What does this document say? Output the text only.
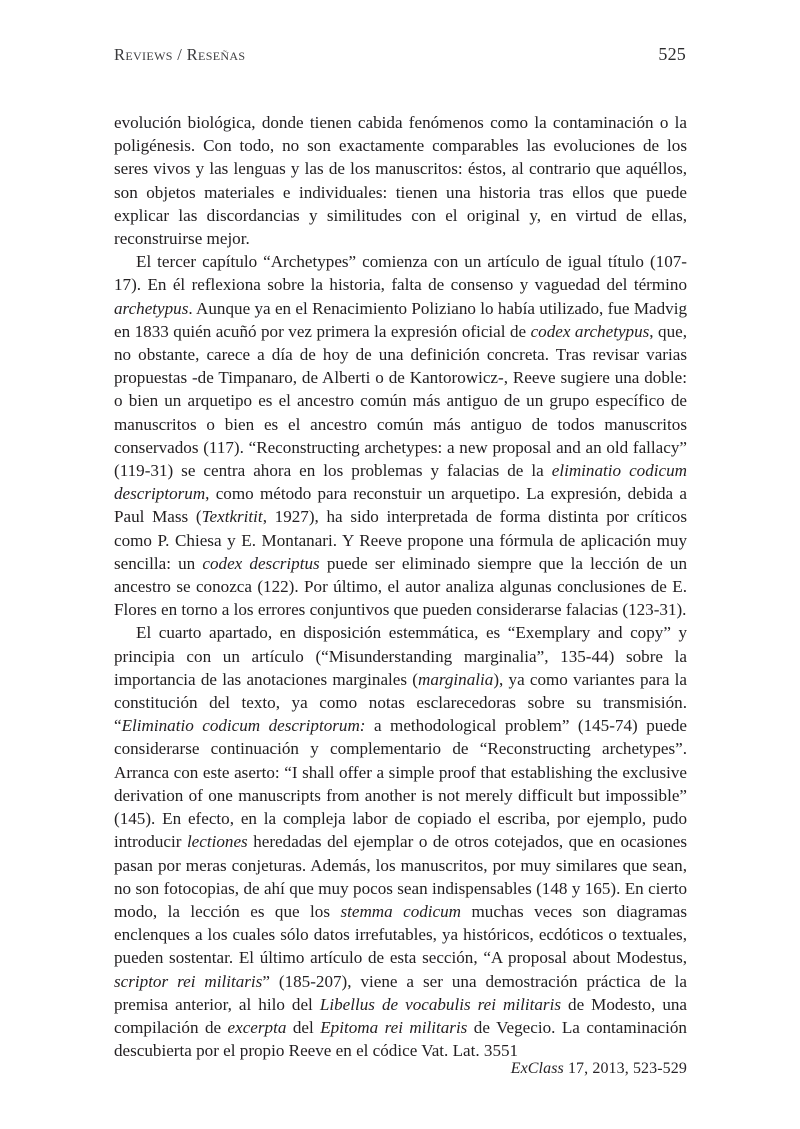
Reviews / Reseñas	525

evolución biológica, donde tienen cabida fenómenos como la contaminación o la poligénesis. Con todo, no son exactamente comparables las evoluciones de los seres vivos y las lenguas y las de los manuscritos: éstos, al contrario que aquéllos, son objetos materiales e individuales: tienen una historia tras ellos que puede explicar las discordancias y similitudes con el original y, en virtud de ellas, reconstruirse mejor.

El tercer capítulo “Archetypes” comienza con un artículo de igual título (107-17). En él reflexiona sobre la historia, falta de consenso y vaguedad del término archetypus. Aunque ya en el Renacimiento Poliziano lo había utilizado, fue Madvig en 1833 quién acuñó por vez primera la expresión oficial de codex archetypus, que, no obstante, carece a día de hoy de una definición concreta. Tras revisar varias propuestas -de Timpanaro, de Alberti o de Kantorowicz-, Reeve sugiere una doble: o bien un arquetipo es el ancestro común más antiguo de un grupo específico de manuscritos o bien es el ancestro común más antiguo de todos manuscritos conservados (117). “Reconstructing archetypes: a new proposal and an old fallacy” (119-31) se centra ahora en los problemas y falacias de la eliminatio codicum descriptorum, como método para reconstuir un arquetipo. La expresión, debida a Paul Mass (Textkritit, 1927), ha sido interpretada de forma distinta por críticos como P. Chiesa y E. Montanari. Y Reeve propone una fórmula de aplicación muy sencilla: un codex descriptus puede ser eliminado siempre que la lección de un ancestro se conozca (122). Por último, el autor analiza algunas conclusiones de E. Flores en torno a los errores conjuntivos que pueden considerarse falacias (123-31).

El cuarto apartado, en disposición estemmática, es “Exemplary and copy” y principia con un artículo (“Misunderstanding marginalia”, 135-44) sobre la importancia de las anotaciones marginales (marginalia), ya como variantes para la constitución del texto, ya como notas esclarecedoras sobre su transmisión. “Eliminatio codicum descriptorum: a methodological problem” (145-74) puede considerarse continuación y complementario de “Reconstructing archetypes”. Arranca con este aserto: “I shall offer a simple proof that establishing the exclusive derivation of one manuscripts from another is not merely difficult but impossible” (145). En efecto, en la compleja labor de copiado el escriba, por ejemplo, pudo introducir lectiones heredadas del ejemplar o de otros cotejados, que en ocasiones pasan por meras conjeturas. Además, los manuscritos, por muy similares que sean, no son fotocopias, de ahí que muy pocos sean indispensables (148 y 165). En cierto modo, la lección es que los stemma codicum muchas veces son diagramas enclenques a los cuales sólo datos irrefutables, ya históricos, ecdóticos o textuales, pueden sostentar. El último artículo de esta sección, “A proposal about Modestus, scriptor rei militaris” (185-207), viene a ser una demostración práctica de la premisa anterior, al hilo del Libellus de vocabulis rei militaris de Modesto, una compilación de excerpta del Epitoma rei militaris de Vegecio. La contaminación descubierta por el propio Reeve en el códice Vat. Lat. 3551

ExClass 17, 2013, 523-529
